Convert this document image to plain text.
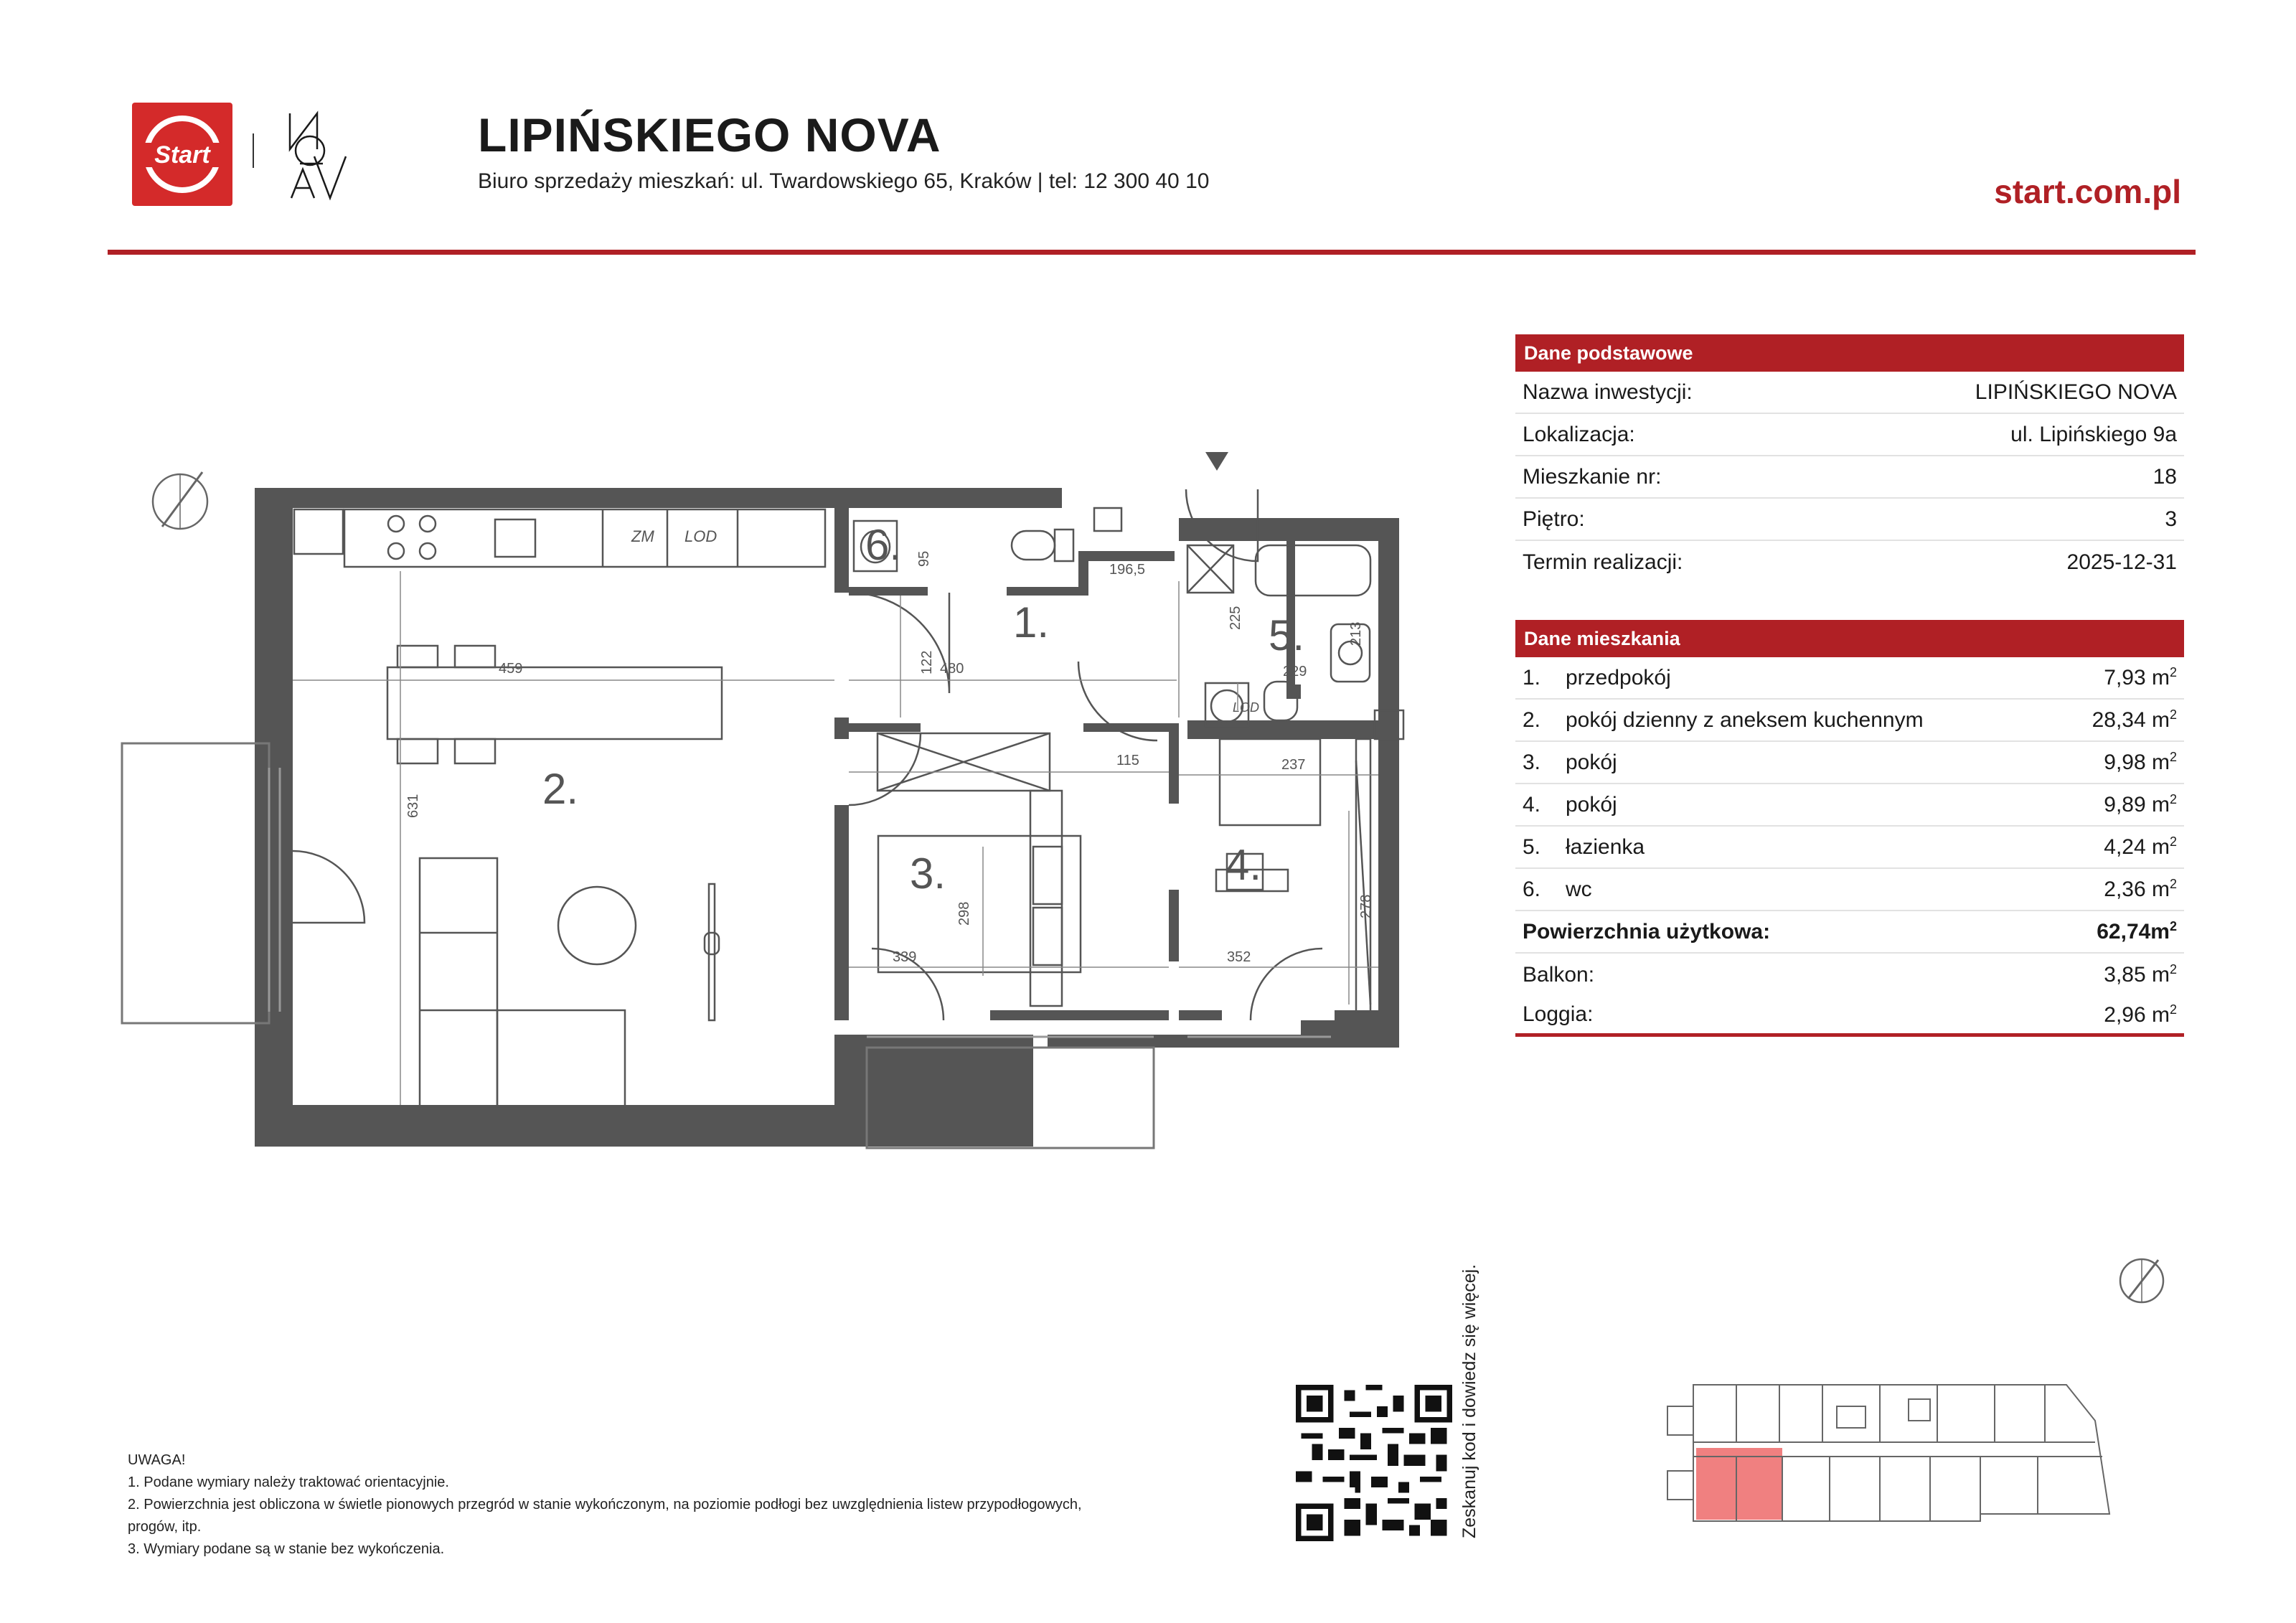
Start	LIPIŃSKIEGO NOVA
Biuro sprzedaży mieszkań: ul. Twardowskiego 65, Kraków | tel: 12 300 40 10	start.com.pl
ZM LOD
LOD
196,5
225
480
459
631
122
95
115	237
229
213
298
339	352
278
1.
2.
3.	4.
5.
6.
Dane podstawowe
Nazwa inwestycji:	LIPIŃSKIEGO NOVA
Lokalizacja:	ul. Lipińskiego 9a
Mieszkanie nr:	18
Piętro:	3
Termin realizacji:	2025-12-31
Dane mieszkania
1.	przedpokój	7,93 $m^2$
2.	pokój dzienny z aneksem kuchennym	28,34 $m^2$
3.	pokój	9,98 $m^2$
4.	pokój	9,89 $m^2$
5.	łazienka	4,24 $m^2$
6.	wc	2,36 $m^2$
Powierzchnia użytkowa:	$62,74m^2$
Balkon:	3,85 $m^2$
Loggia:	2,96 $m^2$
UWAGA!
1. Podane wymiary należy traktować orientacyjnie.
2. Powierzchnia jest obliczona w świetle pionowych przegród w stanie wykończonym, na poziomie podłogi bez uwzględnienia listew przypodłogowych,
progów, itp.
3. Wymiary podane są w stanie bez wykończenia.
Zeskanuj kod i dowiedz się więcej.
